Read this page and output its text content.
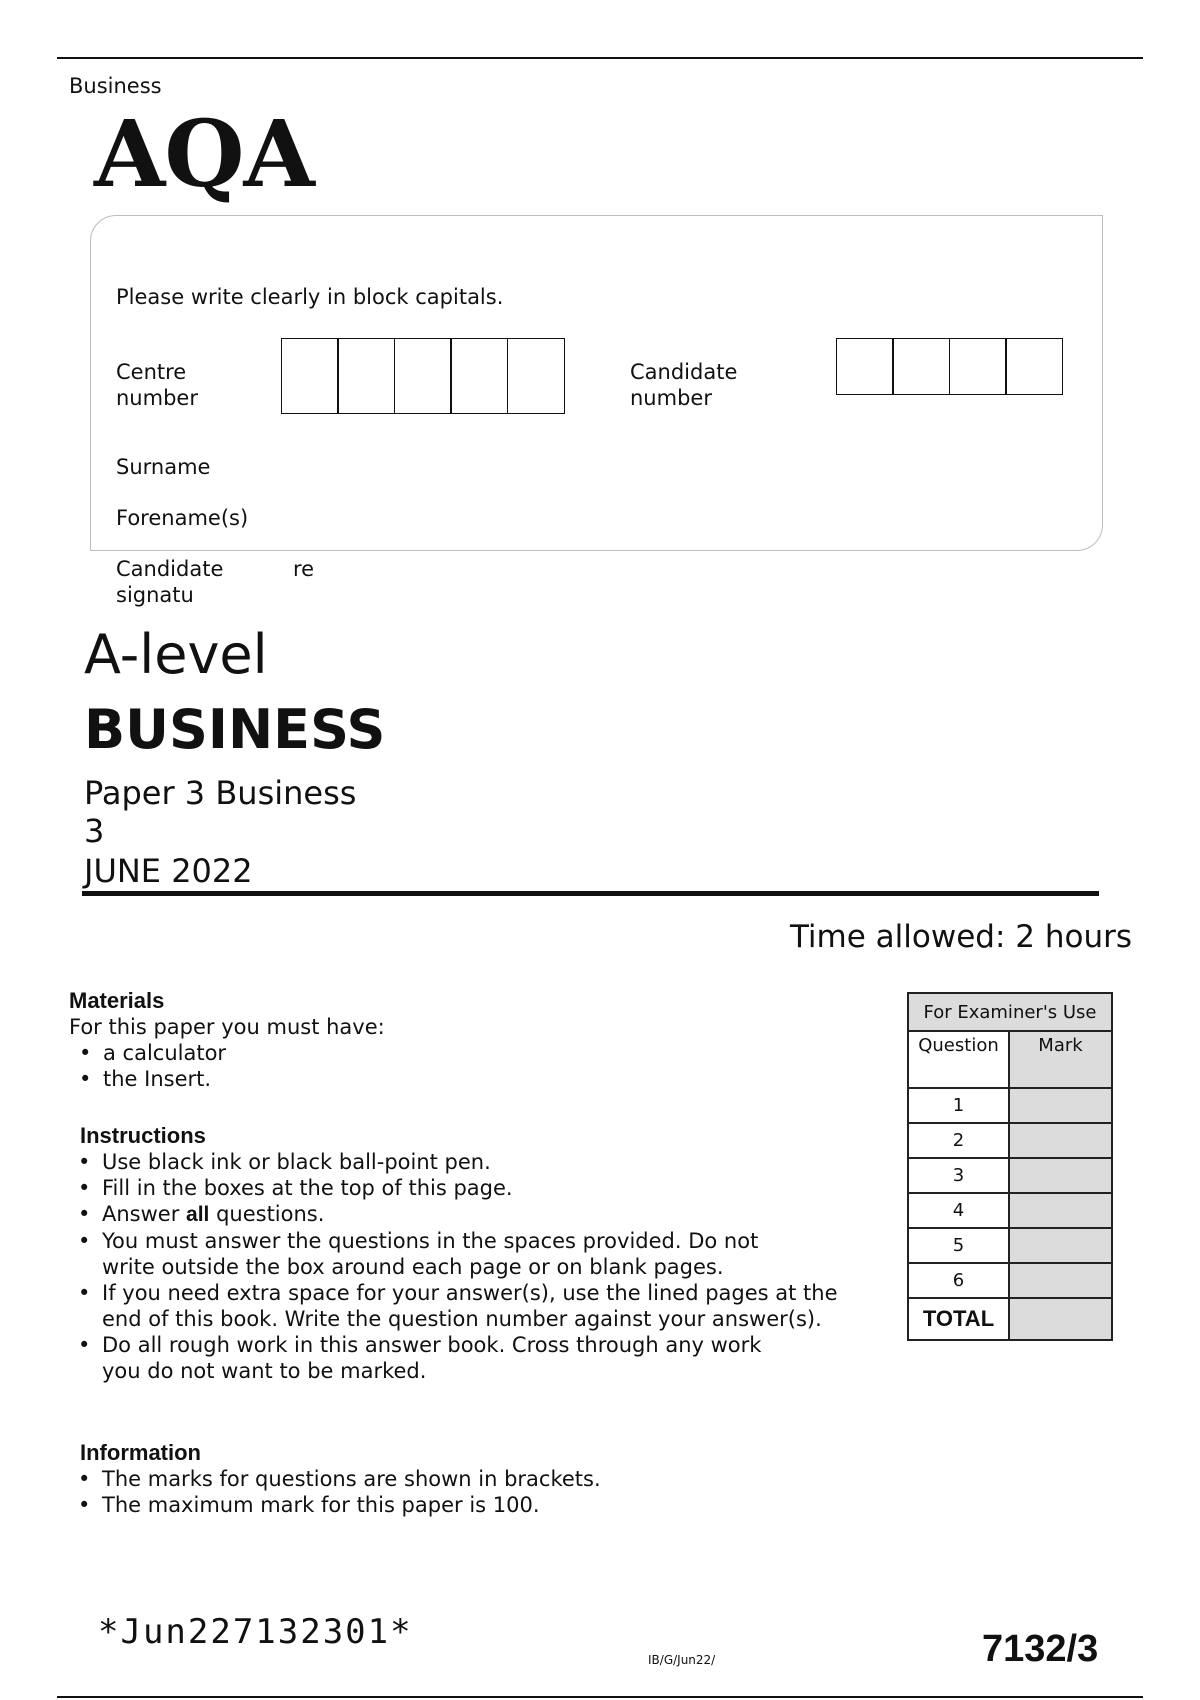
Business
AQA
Please write clearly in block capitals.
Centre number
Candidate number
Surname
Forename(s)
Candidate signatu
re
A-level
BUSINESS
Paper 3 Business
3
JUNE 2022
Time allowed: 2 hours
Materials
For this paper you must have:
• a calculator
• the Insert.
Instructions
• Use black ink or black ball-point pen.
• Fill in the boxes at the top of this page.
• Answer all questions.
• You must answer the questions in the spaces provided. Do not write outside the box around each page or on blank pages.
• If you need extra space for your answer(s), use the lined pages at the end of this book. Write the question number against your answer(s).
• Do all rough work in this answer book. Cross through any work you do not want to be marked.
Information
• The marks for questions are shown in brackets.
• The maximum mark for this paper is 100.
For Examiner's Use	
Question	Mark
1	
2	
3	
4	
5	
6	
TOTAL	
*Jun227132301*
IB/G/Jun22/	7132/3
